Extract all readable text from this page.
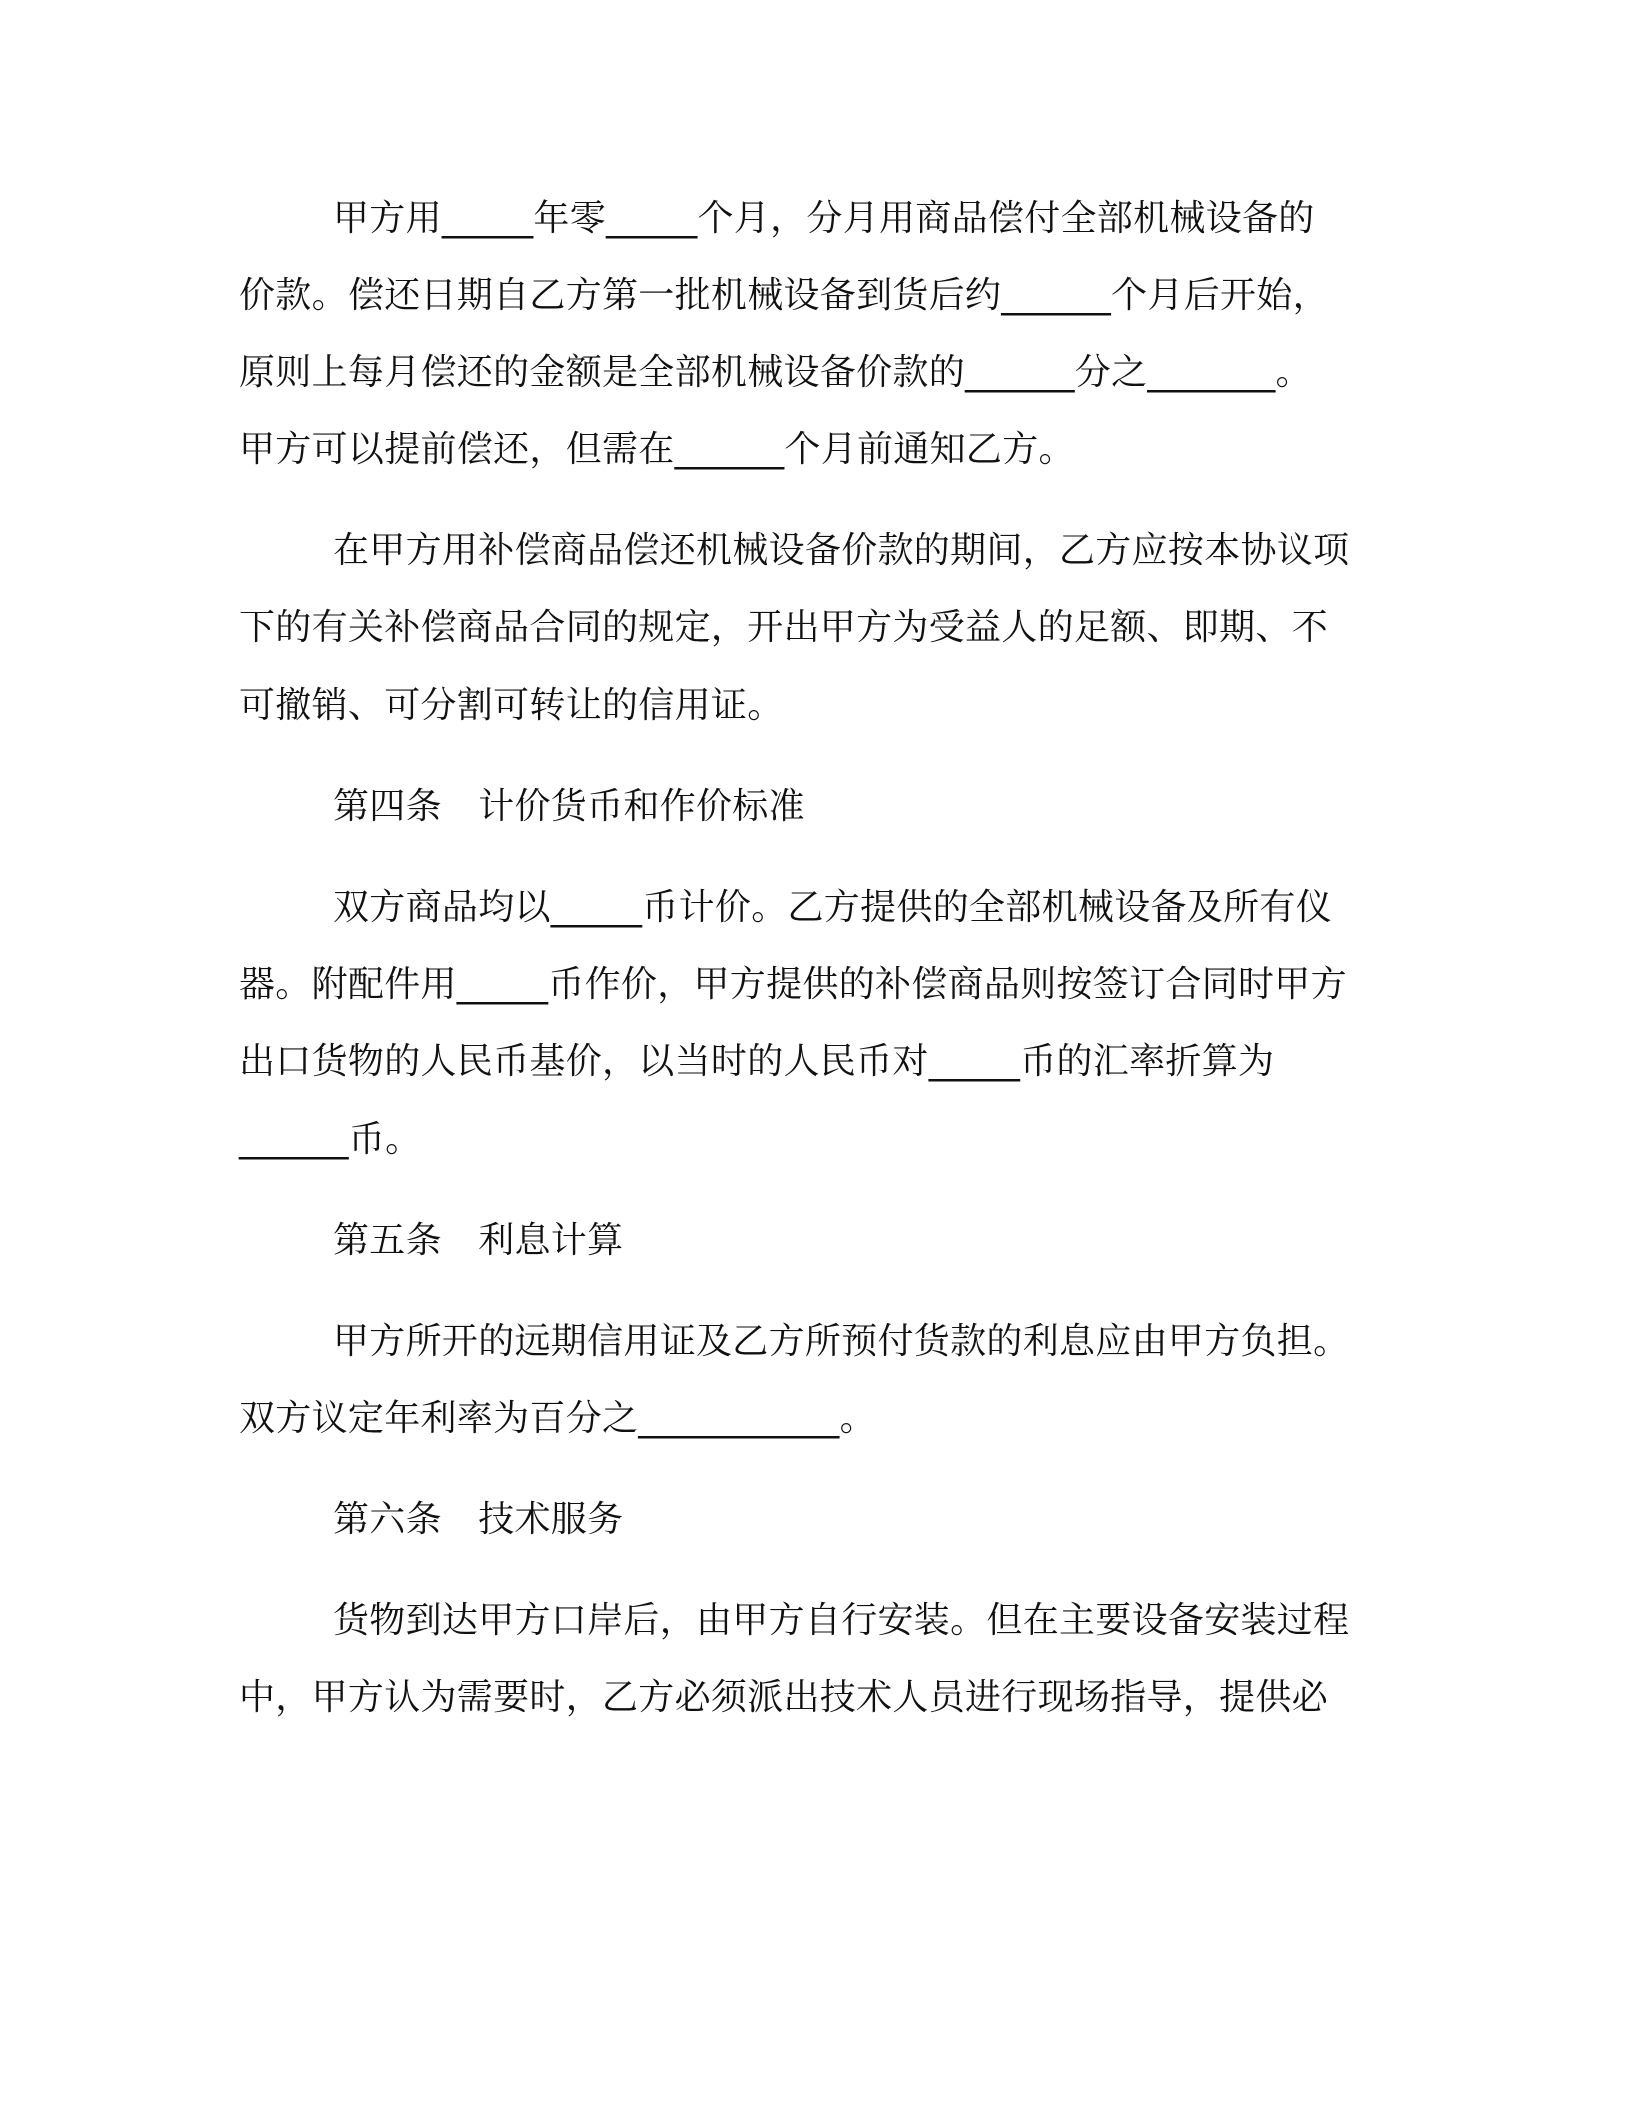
甲方用_____年零_____个月，分月用商品偿付全部机械设备的
价款。偿还日期自乙方第一批机械设备到货后约______个月后开始，
原则上每月偿还的金额是全部机械设备价款的______分之_______。
甲方可以提前偿还，但需在______个月前通知乙方。
在甲方用补偿商品偿还机械设备价款的期间，乙方应按本协议项
下的有关补偿商品合同的规定，开出甲方为受益人的足额、即期、不
可撤销、可分割可转让的信用证。
第四条　计价货币和作价标准
双方商品均以_____币计价。乙方提供的全部机械设备及所有仪
器。附配件用_____币作价，甲方提供的补偿商品则按签订合同时甲方
出口货物的人民币基价，以当时的人民币对_____币的汇率折算为
______币。
第五条　利息计算
甲方所开的远期信用证及乙方所预付货款的利息应由甲方负担。
双方议定年利率为百分之___________。
第六条　技术服务
货物到达甲方口岸后，由甲方自行安装。但在主要设备安装过程
中，甲方认为需要时，乙方必须派出技术人员进行现场指导，提供必
